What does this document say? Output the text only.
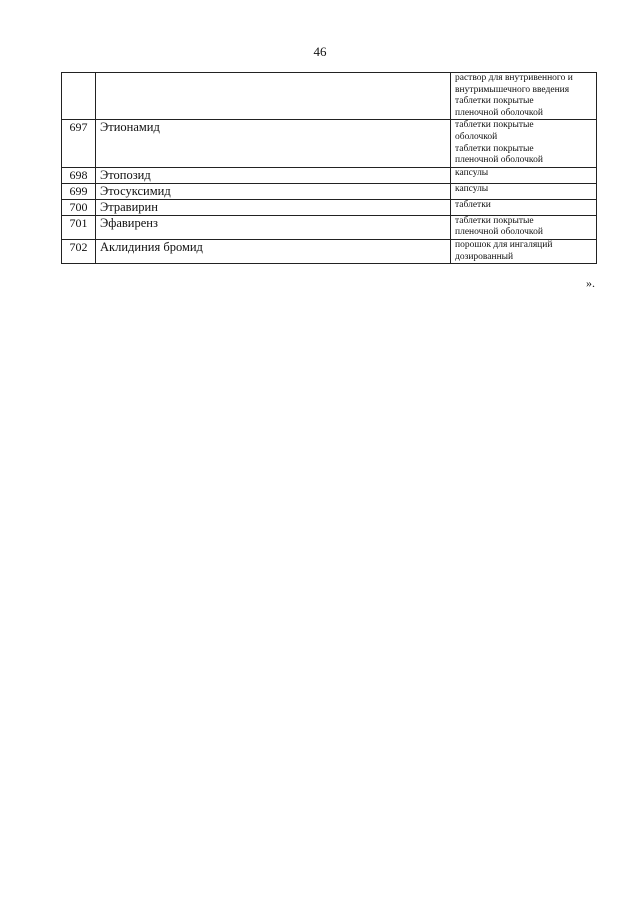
46

		раствор для внутривенного и
внутримышечного введения
таблетки покрытые
пленочной оболочкой

697	Этионамид	таблетки покрытые
оболочкой
таблетки покрытые
пленочной оболочкой

698	Этопозид	капсулы

699	Этосуксимид	капсулы

700	Этравирин	таблетки

701	Эфавиренз	таблетки покрытые
пленочной оболочкой

702	Аклидиния бромид	порошок для ингаляций
дозированный
».
